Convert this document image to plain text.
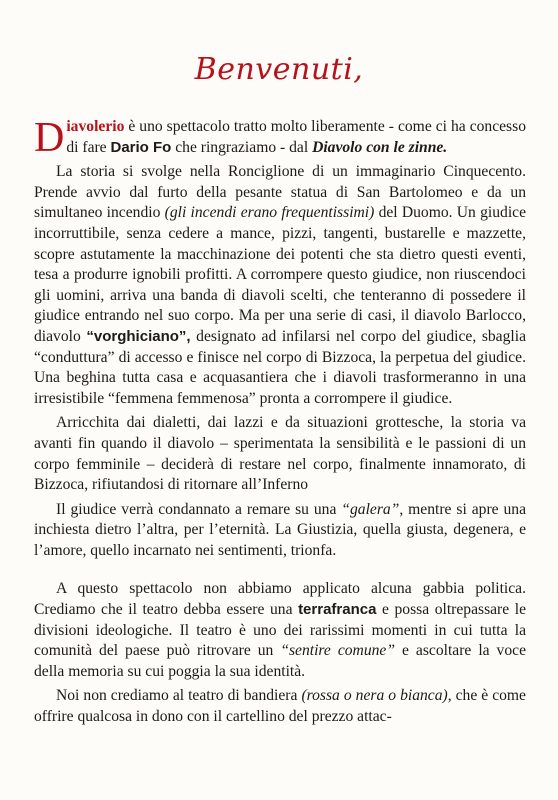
Benvenuti,

Diavolerio è uno spettacolo tratto molto liberamente - come ci ha concesso di fare Dario Fo che ringraziamo - dal Diavolo con le zinne.

La storia si svolge nella Ronciglione di un immaginario Cinquecento. Prende avvio dal furto della pesante statua di San Bartolomeo e da un simultaneo incendio (gli incendi erano frequentissimi) del Duomo. Un giudice incorruttibile, senza cedere a mance, pizzi, tangenti, bustarelle e mazzette, scopre astutamente la macchinazione dei potenti che sta dietro questi eventi, tesa a produrre ignobili profitti. A corrompere questo giudice, non riuscendoci gli uomini, arriva una banda di diavoli scelti, che tenteranno di possedere il giudice entrando nel suo corpo. Ma per una serie di casi, il diavolo Barlocco, diavolo “vorghiciano”, designato ad infilarsi nel corpo del giudice, sbaglia “conduttura” di accesso e finisce nel corpo di Bizzoca, la perpetua del giudice. Una beghina tutta casa e acquasantiera che i diavoli trasformeranno in una irresistibile “femmena femmenosa” pronta a corrompere il giudice.

Arricchita dai dialetti, dai lazzi e da situazioni grottesche, la storia va avanti fin quando il diavolo – sperimentata la sensibilità e le passioni di un corpo femminile – deciderà di restare nel corpo, finalmente innamorato, di Bizzoca, rifiutandosi di ritornare all’Inferno

Il giudice verrà condannato a remare su una “galera”, mentre si apre una inchiesta dietro l’altra, per l’eternità. La Giustizia, quella giusta, degenera, e l’amore, quello incarnato nei sentimenti, trionfa.

A questo spettacolo non abbiamo applicato alcuna gabbia politica. Crediamo che il teatro debba essere una terrafranca e possa oltrepassare le divisioni ideologiche. Il teatro è uno dei rarissimi momenti in cui tutta la comunità del paese può ritrovare un “sentire comune” e ascoltare la voce della memoria su cui poggia la sua identità.

Noi non crediamo al teatro di bandiera (rossa o nera o bianca), che è come offrire qualcosa in dono con il cartellino del prezzo attac-
